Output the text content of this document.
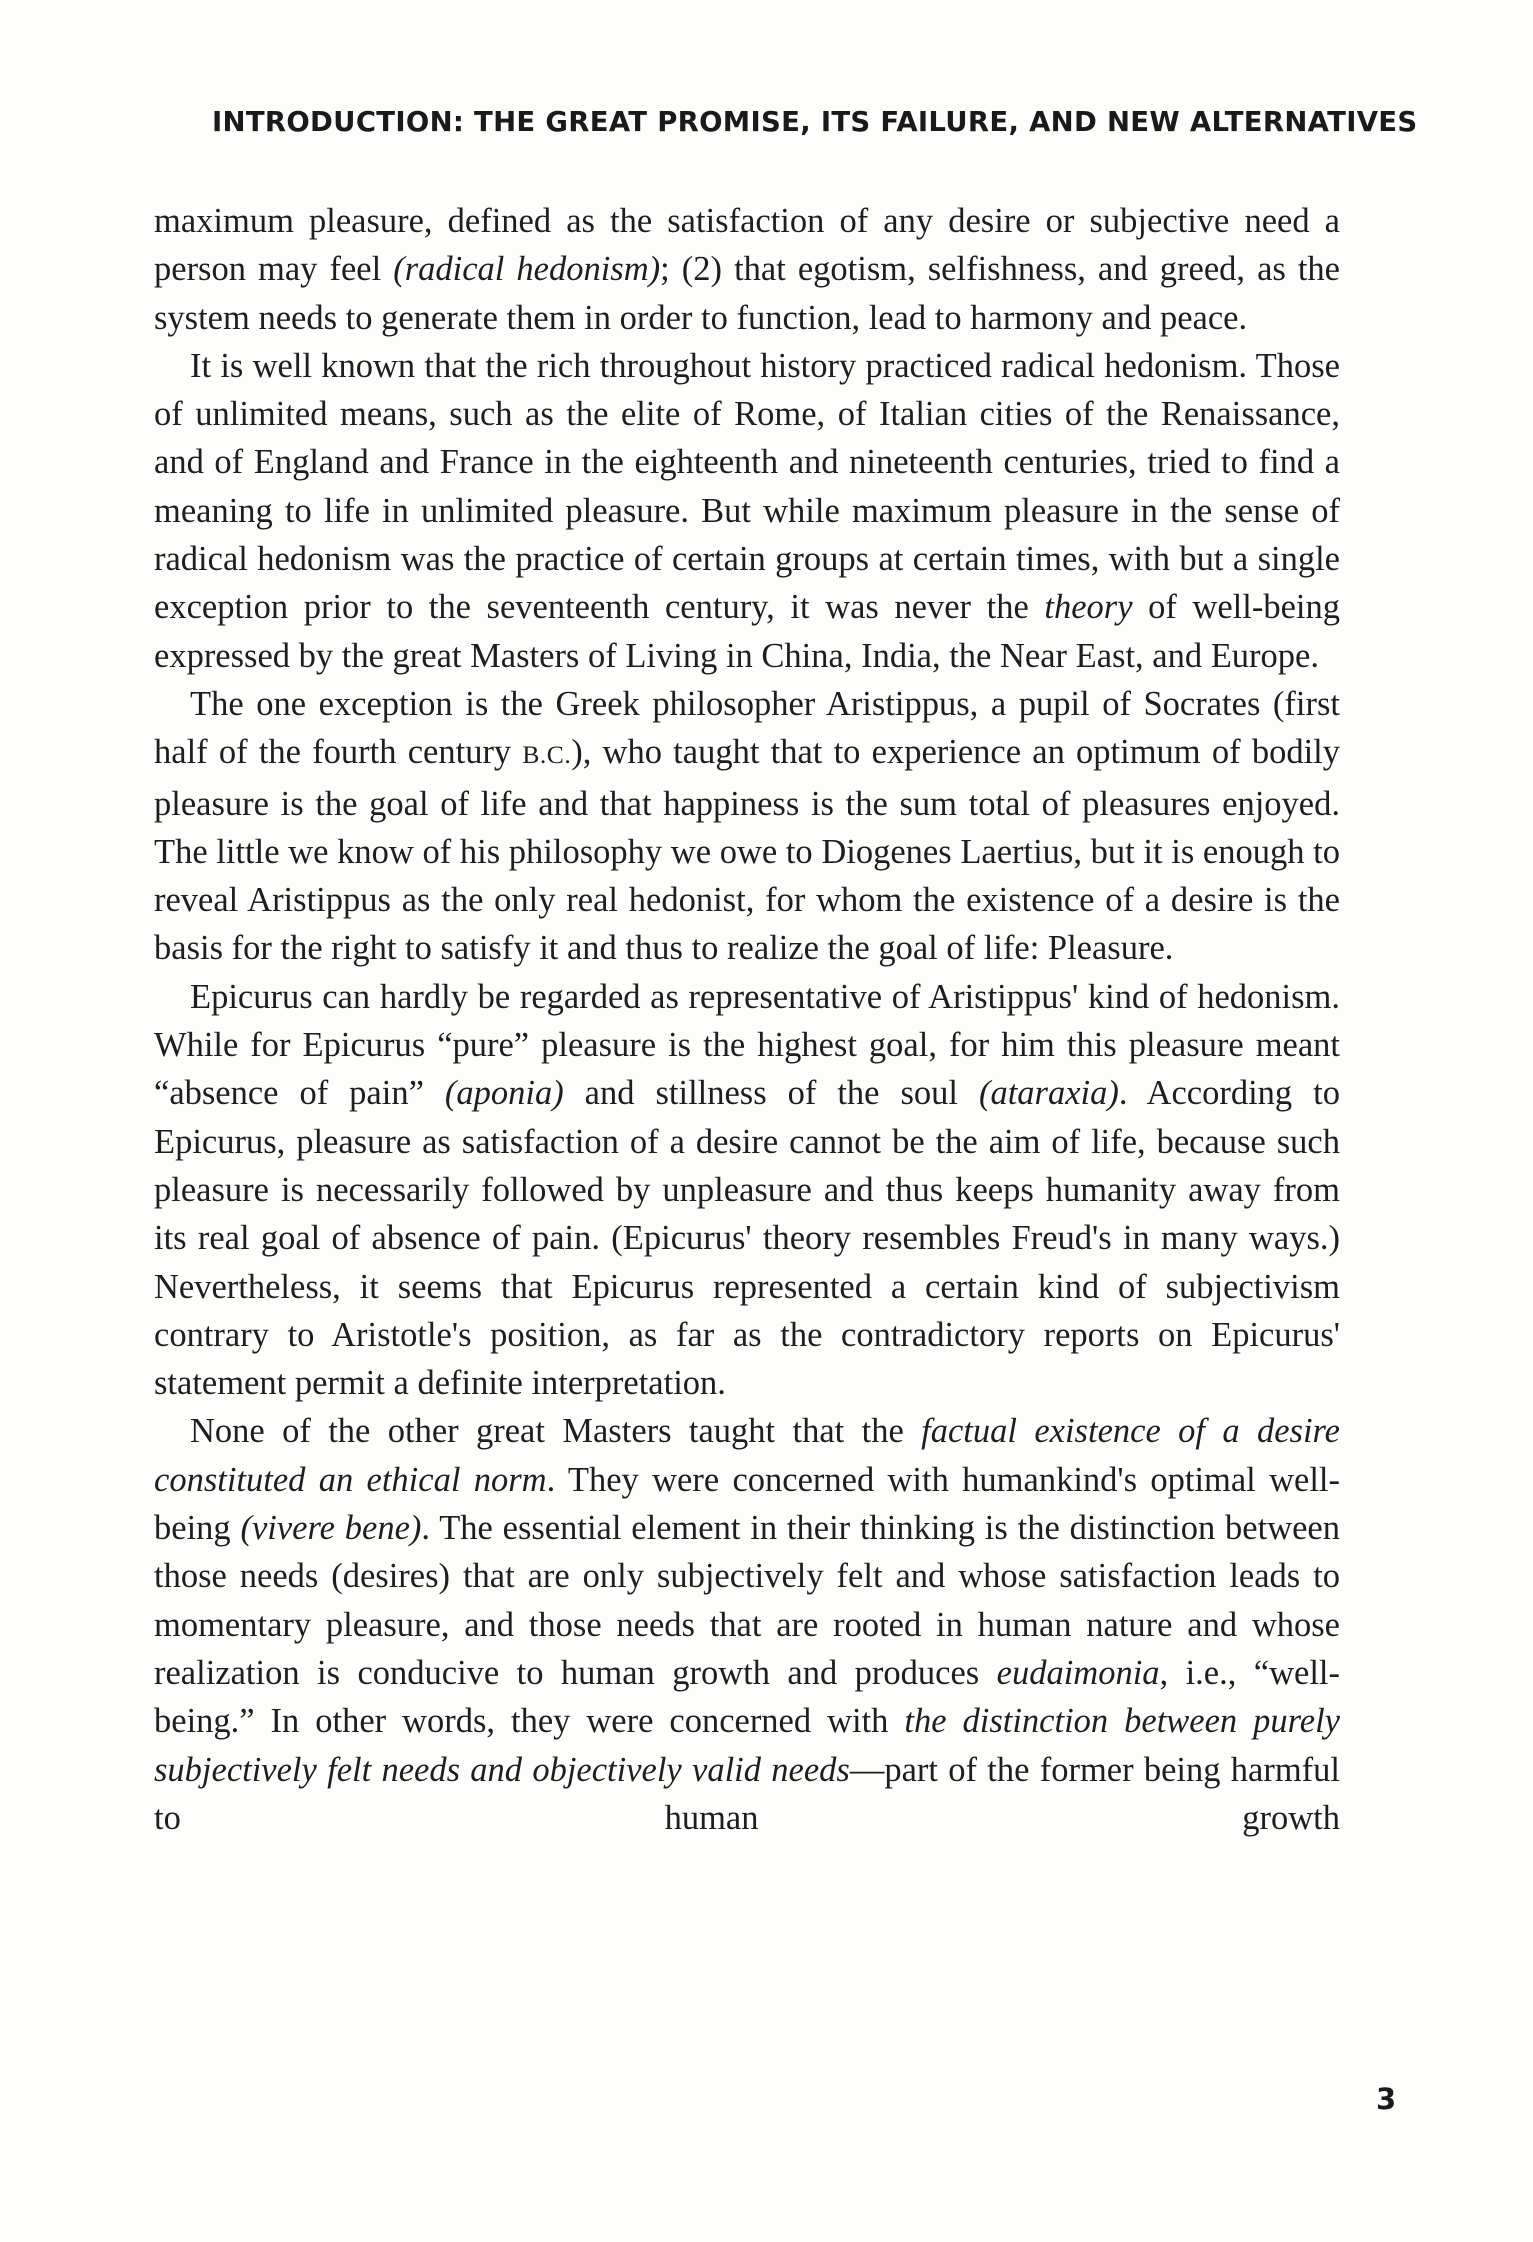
INTRODUCTION: THE GREAT PROMISE, ITS FAILURE, AND NEW ALTERNATIVES

maximum pleasure, defined as the satisfaction of any desire or subjective need a person may feel (radical hedonism); (2) that egotism, selfishness, and greed, as the system needs to generate them in order to function, lead to harmony and peace.

It is well known that the rich throughout history practiced radical hedonism. Those of unlimited means, such as the elite of Rome, of Italian cities of the Renaissance, and of England and France in the eighteenth and nineteenth centuries, tried to find a meaning to life in unlimited pleasure. But while maximum pleasure in the sense of radical hedonism was the practice of certain groups at certain times, with but a single exception prior to the seventeenth century, it was never the theory of well-being expressed by the great Masters of Living in China, India, the Near East, and Europe.

The one exception is the Greek philosopher Aristippus, a pupil of Socrates (first half of the fourth century B.C.), who taught that to experience an optimum of bodily pleasure is the goal of life and that happiness is the sum total of pleasures enjoyed. The little we know of his philosophy we owe to Diogenes Laertius, but it is enough to reveal Aristippus as the only real hedonist, for whom the existence of a desire is the basis for the right to satisfy it and thus to realize the goal of life: Pleasure.

Epicurus can hardly be regarded as representative of Aristippus' kind of hedonism. While for Epicurus “pure” pleasure is the highest goal, for him this pleasure meant “absence of pain” (aponia) and stillness of the soul (ataraxia). According to Epicurus, pleasure as satisfaction of a desire cannot be the aim of life, because such pleasure is necessarily followed by unpleasure and thus keeps humanity away from its real goal of absence of pain. (Epicurus' theory resembles Freud's in many ways.) Nevertheless, it seems that Epicurus represented a certain kind of subjectivism contrary to Aristotle's position, as far as the contradictory reports on Epicurus' statement permit a definite interpretation.

None of the other great Masters taught that the factual existence of a desire constituted an ethical norm. They were concerned with humankind's optimal well-being (vivere bene). The essential element in their thinking is the distinction between those needs (desires) that are only subjectively felt and whose satisfaction leads to momentary pleasure, and those needs that are rooted in human nature and whose realization is conducive to human growth and produces eudaimonia, i.e., “well-being.” In other words, they were concerned with the distinction between purely subjectively felt needs and objectively valid needs—part of the former being harmful to human growth

3
